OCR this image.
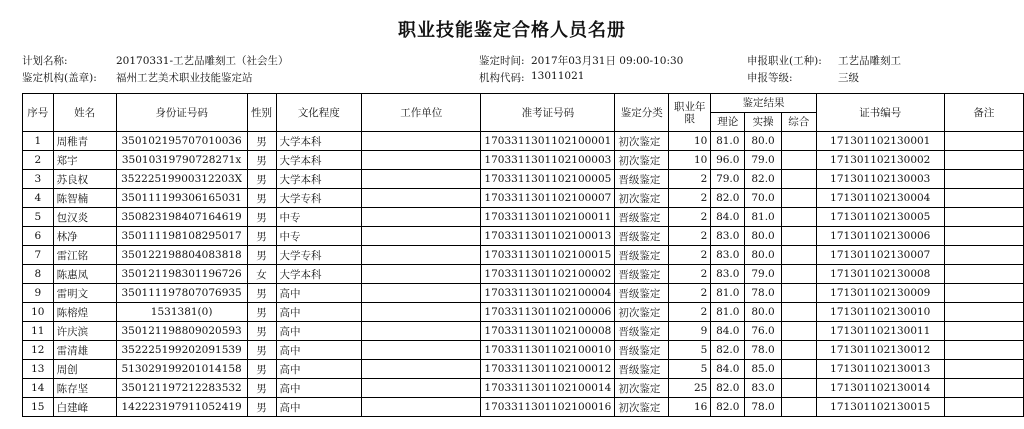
职业技能鉴定合格人员名册
计划名称:	20170331-工艺品雕刻工（社会生）
鉴定机构(盖章): 福州工艺美术职业技能鉴定站
鉴定时间: 2017年03月31日 09:00-10:30
机构代码: 13011021
申报职业(工种): 工艺品雕刻工
申报等级:	三级
序号	姓名	身份证号码	性别	文化程度	工作单位	准考证号码	鉴定分类	职业年限	鉴定结果			证书编号	备注
									理论	实操	综合		
1	周稚青	350102195707010036	男	大学本科		170331130110210000​1	初次鉴定	10	81.0	80.0		171301102130001	
2	郑宇	35010319790728271x	男	大学本科		1703311301102100003	初次鉴定	10	96.0	79.0		171301102130002	
3	苏良权	35222519900312203X	男	大学本科		1703311301102100005	晋级鉴定	2	79.0	82.0		171301102130003	
4	陈智楠	350111199306165031	男	大学专科		1703311301102100007	初次鉴定	2	82.0	70.0		171301102130004	
5	包汉炎	350823198407164619	男	中专		1703311301102100011	晋级鉴定	2	84.0	81.0		171301102130005	
6	林净	350111198108295017	男	中专		1703311301102100013	晋级鉴定	2	83.0	80.0		171301102130006	
7	雷江铭	350122198804083818	男	大学专科		1703311301102100015	晋级鉴定	2	83.0	80.0		171301102130007	
8	陈惠凤	350121198301196726	女	大学本科		1703311301102100002	晋级鉴定	2	83.0	79.0		171301102130008	
9	雷明文	350111197807076935	男	高中		1703311301102100004	晋级鉴定	2	81.0	78.0		171301102130009	
10	陈榕煌	1531381(0)	男	高中		1703311301102100006	初次鉴定	2	81.0	80.0		171301102130010	
11	许庆滨	350121198809020593	男	高中		1703311301102100008	晋级鉴定	9	84.0	76.0		171301102130011	
12	雷清雄	352225199202091539	男	高中		1703311301102100010	晋级鉴定	5	82.0	78.0		171301102130012	
13	周创	513029199201014158	男	高中		1703311301102100012	晋级鉴定	5	84.0	85.0		171301102130013	
14	陈存坚	350121197212283532	男	高中		1703311301102100014	初次鉴定	25	82.0	83.0		171301102130014	
15	白建峰	142223197911052419	男	高中		1703311301102100016	初次鉴定	16	82.0	78.0		171301102130015	
